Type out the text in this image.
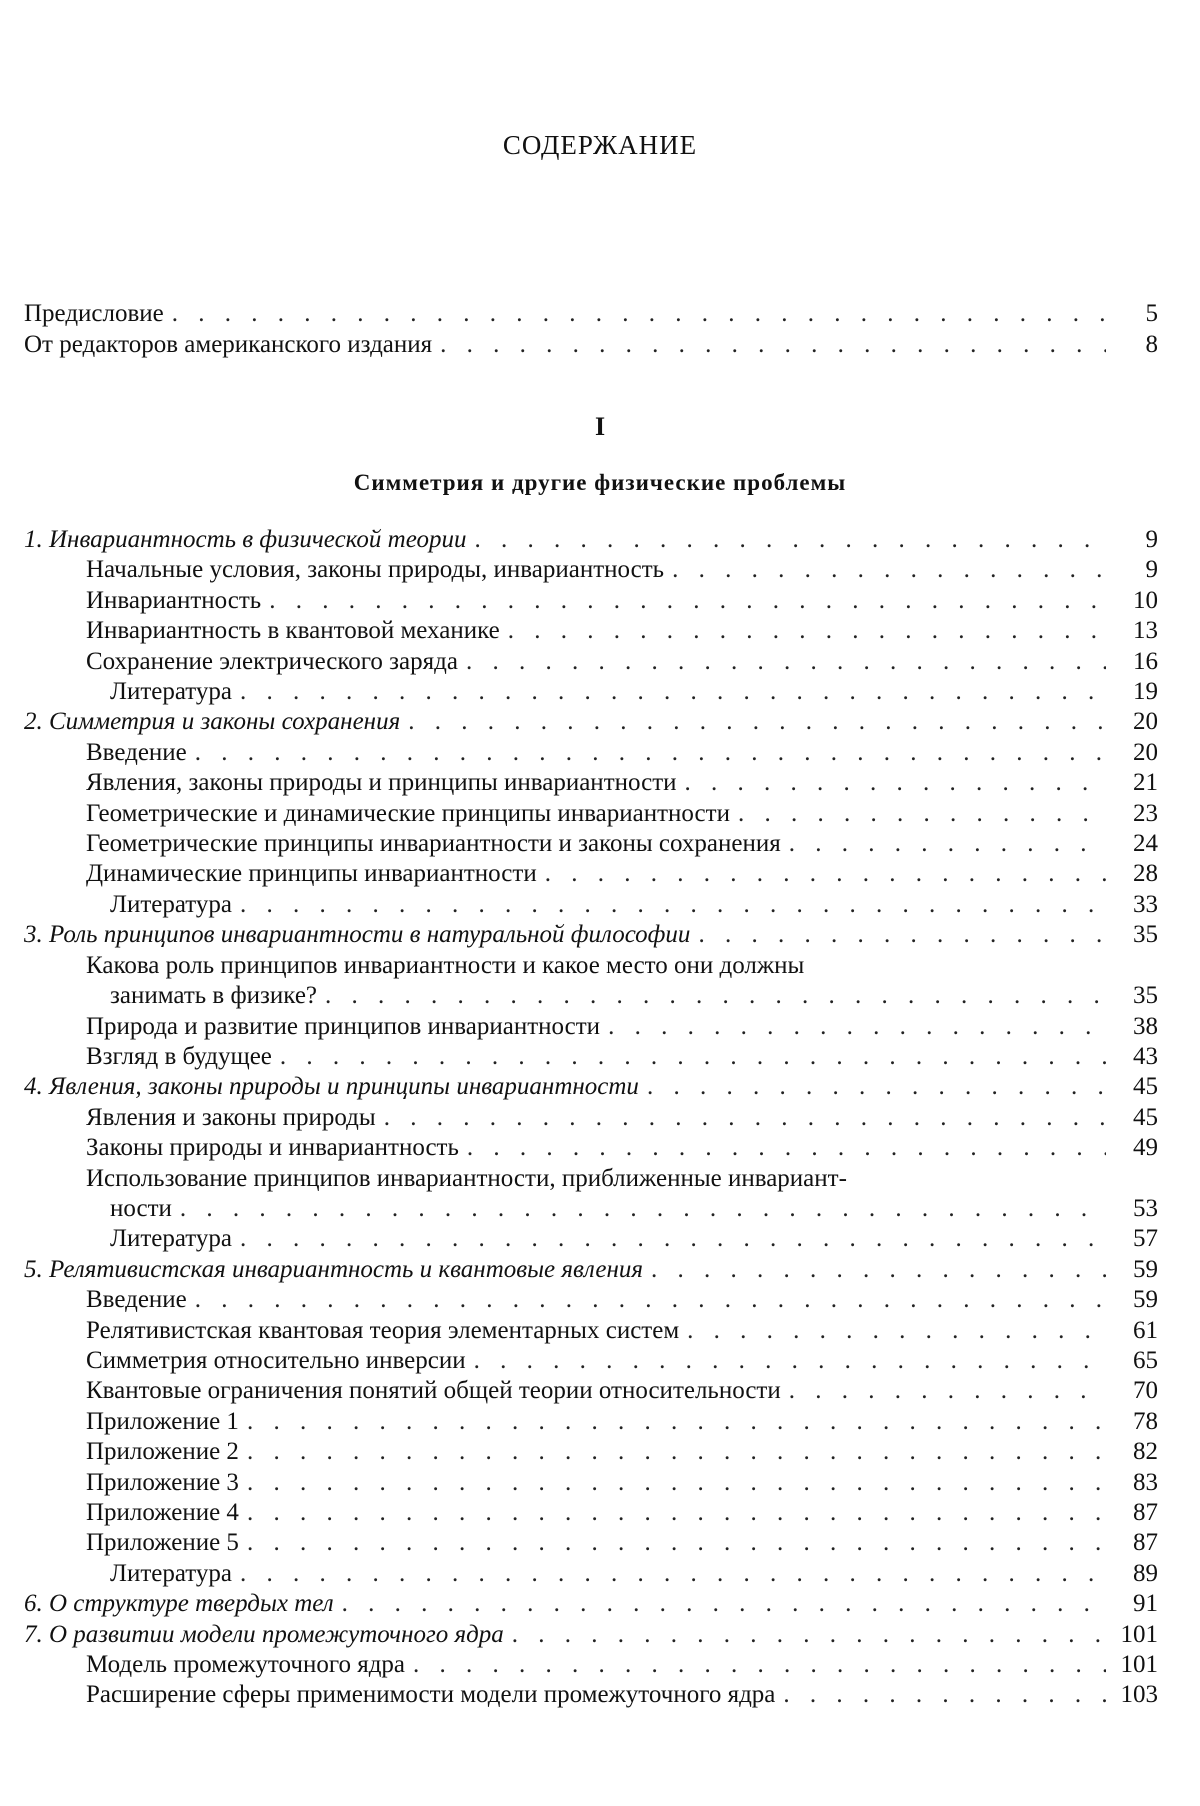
СОДЕРЖАНИЕ
Предисловие
. . .	5
От редакторов американского издания
. . .	8
I
Симметрия и другие физические проблемы
1. Инвариантность в физической теории
. . .	9
Начальные условия, законы природы, инвариантность
. . .	9
Инвариантность
. . .	10
Инвариантность в квантовой механике
. . .	13
Сохранение электрического заряда
. . .	16
Литература
. . .	19
2. Симметрия и законы сохранения
. . .	20
Введение
. . .	20
Явления, законы природы и принципы инвариантности
. . .	21
Геометрические и динамические принципы инвариантности
. . .	23
Геометрические принципы инвариантности и законы сохранения
. . .	24
Динамические принципы инвариантности
. . .	28
Литература
. . .	33
3. Роль принципов инвариантности в натуральной философии
. . .	35
Какова роль принципов инвариантности и какое место они должны
занимать в физике?
. . .	35
Природа и развитие принципов инвариантности
. . .	38
Взгляд в будущее
. . .	43
4. Явления, законы природы и принципы инвариантности
. . .	45
Явления и законы природы
. . .	45
Законы природы и инвариантность
. . .	49
Использование принципов инвариантности, приближенные инвариант-
ности
. . .	53
Литература
. . .	57
5. Релятивистская инвариантность и квантовые явления
. . .	59
Введение
. . .	59
Релятивистская квантовая теория элементарных систем
. . .	61
Симметрия относительно инверсии
. . .	65
Квантовые ограничения понятий общей теории относительности
. . .	70
Приложение 1
. . .	78
Приложение 2
. . .	82
Приложение 3
. . .	83
Приложение 4
. . .	87
Приложение 5
. . .	87
Литература
. . .	89
6. О структуре твердых тел
. . .	91
7. О развитии модели промежуточного ядра
. . .	101
Модель промежуточного ядра
. . .	101
Расширение сферы применимости модели промежуточного ядра
. . .	103
